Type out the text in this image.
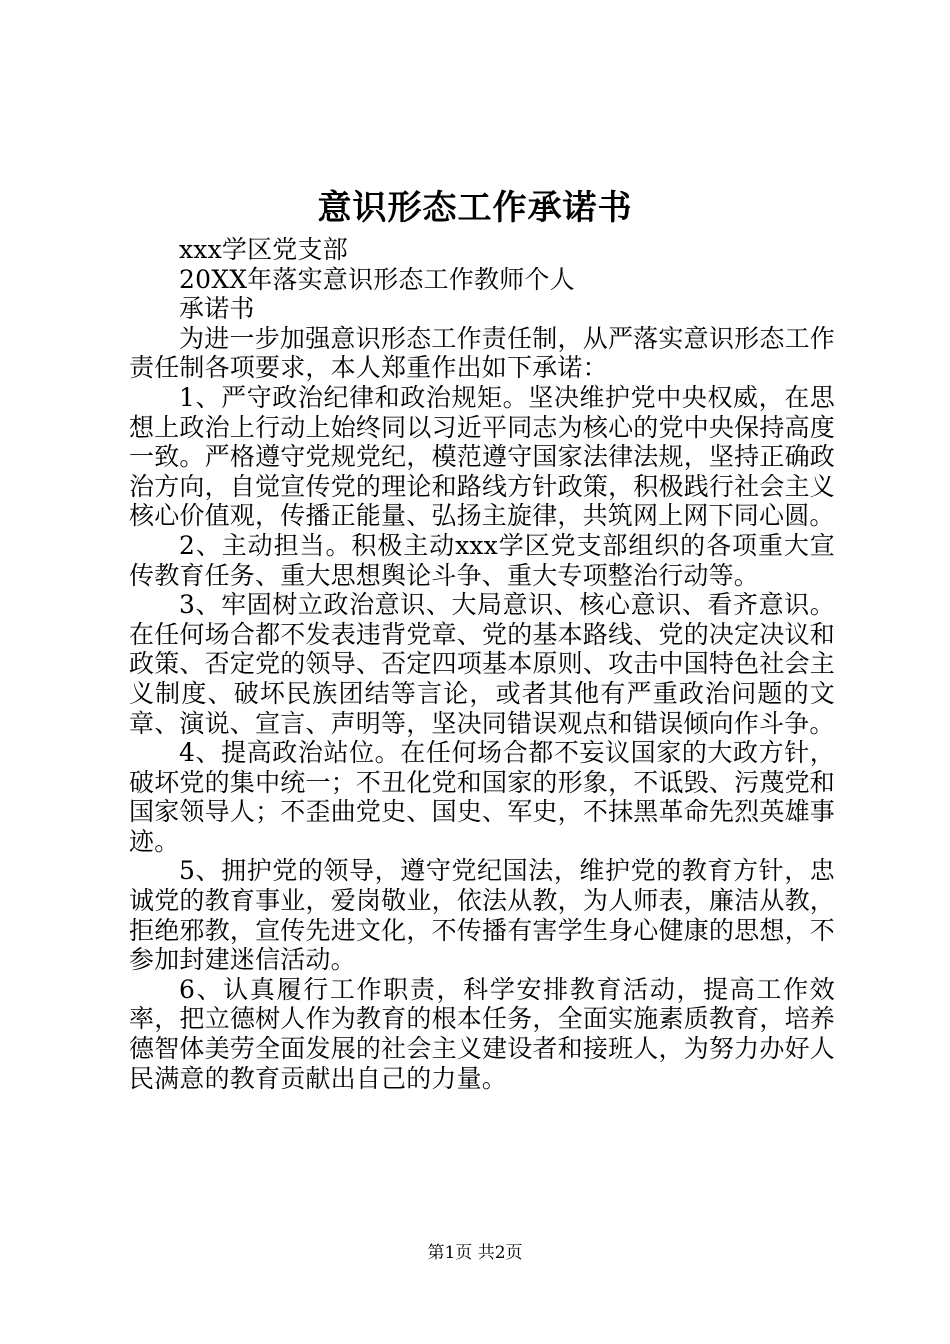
意识形态工作承诺书

xxx学区党支部

20XX年落实意识形态工作教师个人

承诺书

为进一步加强意识形态工作责任制，从严落实意识形态工作责任制各项要求，本人郑重作出如下承诺：

1、严守政治纪律和政治规矩。坚决维护党中央权威，在思想上政治上行动上始终同以习近平同志为核心的党中央保持高度一致。严格遵守党规党纪，模范遵守国家法律法规，坚持正确政治方向，自觉宣传党的理论和路线方针政策，积极践行社会主义核心价值观，传播正能量、弘扬主旋律，共筑网上网下同心圆。

2、主动担当。积极主动xxx学区党支部组织的各项重大宣传教育任务、重大思想舆论斗争、重大专项整治行动等。

3、牢固树立政治意识、大局意识、核心意识、看齐意识。在任何场合都不发表违背党章、党的基本路线、党的决定决议和政策、否定党的领导、否定四项基本原则、攻击中国特色社会主义制度、破坏民族团结等言论，或者其他有严重政治问题的文章、演说、宣言、声明等，坚决同错误观点和错误倾向作斗争。

4、提高政治站位。在任何场合都不妄议国家的大政方针，破坏党的集中统一；不丑化党和国家的形象，不诋毁、污蔑党和国家领导人；不歪曲党史、国史、军史，不抹黑革命先烈英雄事迹。

5、拥护党的领导，遵守党纪国法，维护党的教育方针，忠诚党的教育事业，爱岗敬业，依法从教，为人师表，廉洁从教，拒绝邪教，宣传先进文化，不传播有害学生身心健康的思想，不参加封建迷信活动。

6、认真履行工作职责，科学安排教育活动，提高工作效率，把立德树人作为教育的根本任务，全面实施素质教育，培养德智体美劳全面发展的社会主义建设者和接班人，为努力办好人民满意的教育贡献出自己的力量。

第1页 共2页
